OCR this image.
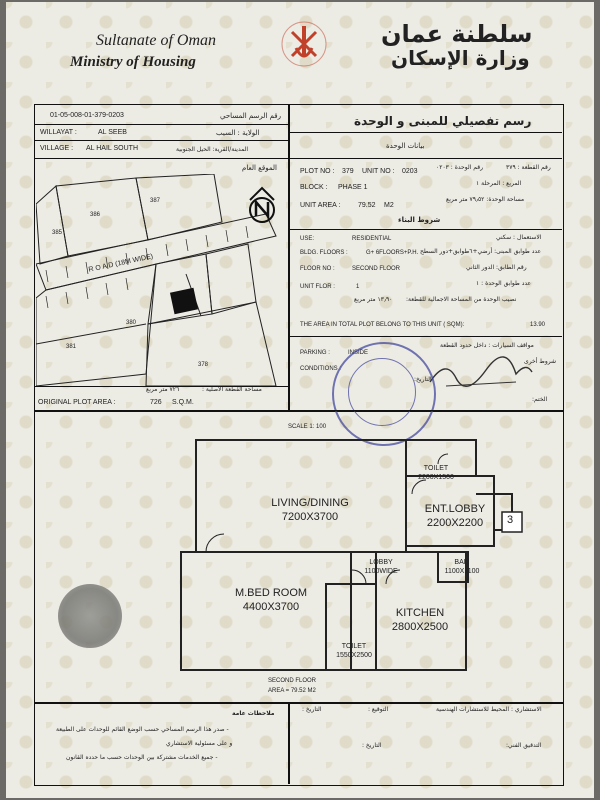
Sultanate of Oman
Ministry of Housing
سلطنة عمان
وزارة الإسكان
01-05-008-01-379-0203	رقم الرسم المساحي
WILLAYAT :	AL SEEB	الولاية : السيب
VILLAGE : AL HAIL SOUTH	المدينة/القرية: الحيل الجنوبية
الموقع العام
386
387
385
R O A D (18M WIDE)
380
381
378
مساحة القطعة الاصلية :
٧٢٦ متر مربع
ORIGINAL PLOT AREA :	726 S.Q.M.
رسم تفصيلي للمبنى و الوحدة
بيانات الوحدة
PLOT NO : 379 UNIT NO : 0203
رقم القطعة : ٣٧٩
رقم الوحدة : ٠٢٠٣
BLOCK : PHASE 1
المربع : المرحلة ١
UNIT AREA :	79.52 M2
مساحة الوحدة: ٧٩٫٥٢ متر مربع
شروط البناء
USE:	RESIDENTIAL	الاستعمال : سكني
BLDG. FLOORS :	G+ 6FLOORS+P.H. عدد طوابق المبنى: أرضي+٦طوابق+دور السطح
FLOOR NO :	SECOND FLOOR	رقم الطابق: الدور الثاني
UNIT FLOR :	1	عدد طوابق الوحدة : ١
نصيب الوحدة من المساحة الاجمالية للقطعة:
١٣٫٩٠ متر مربع
THE AREA IN TOTAL PLOT BELONG TO THIS UNIT ( SQM):	13.90
PARKING :	INSIDE
مواقف السيارات : داخل حدود القطعة
CONDITIONS :
شروط أخرى
التاريخ:
الختم:
SCALE 1: 100
3
LIVING/DINING
7200X3700
ENT.LOBBY
2200X2200
M.BED ROOM
4400X3700	KITCHEN
2800X2500
TOILET
2200X1500
LOBBY
1100WIDE
BAL.
1100X1100
TOILET
1550X2500
SECOND FLOOR
AREA = 79.52 M2
ملاحظات عامة
- صدر هذا الرسم المساحي حسب الوضع القائم للوحدات على الطبيعة
و على مسئولية الاستشاري
- جميع الخدمات مشتركة بين الوحدات حسب ما حدده القانون
الاستشاري : المحيط للاستشارات الهندسية
التوقيع :
التاريخ :
التدقيق الفني:
التاريخ :
